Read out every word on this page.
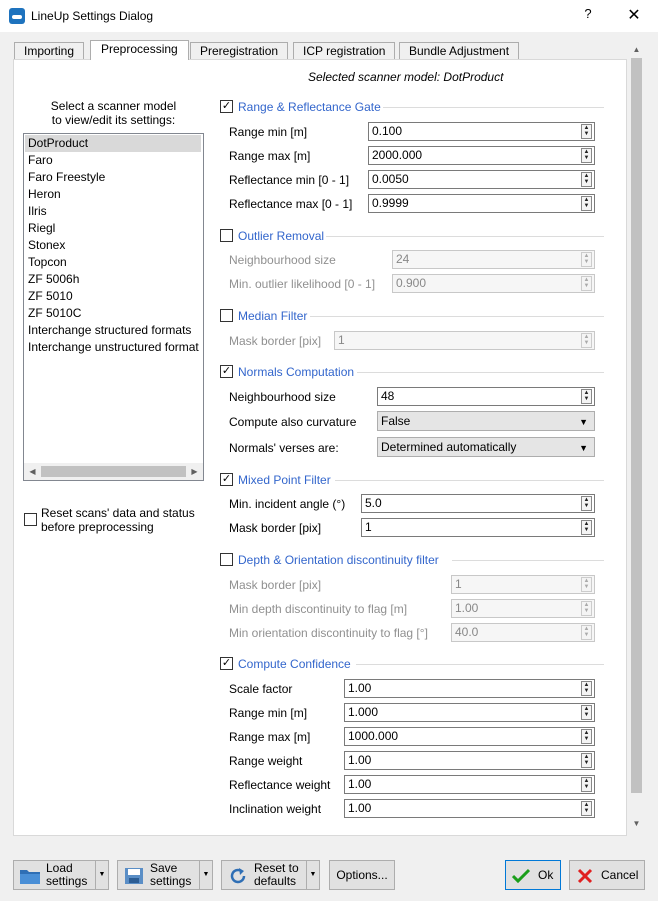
LineUp Settings Dialog	?	✕
Importing	Preprocessing	Preregistration	ICP registration	Bundle Adjustment	▲
▼
Selected scanner model: DotProduct
Select a scanner model
to view/edit its settings:
DotProduct
Faro
Faro Freestyle
Heron
Ilris
Riegl
Stonex
Topcon
ZF 5006h
ZF 5010
ZF 5010C
Interchange structured formats
Interchange unstructured format
◀	▶
Reset scans' data and status
before preprocessing
✓ Range & Reflectance Gate
Range min [m]	0.100	▲
▼
Range max [m]	2000.000	▲
▼
Reflectance min [0 - 1]	0.0050	▲
▼
Reflectance max [0 - 1]	0.9999	▲
▼
Outlier Removal
Neighbourhood size	24	▲
▼
Min. outlier likelihood [0 - 1]	0.900	▲
▼
Median Filter
Mask border [pix]	1	▲
▼
✓ Normals Computation
Neighbourhood size	48	▲
▼
Compute also curvature	False	▼
Normals' verses are:	Determined automatically	▼
✓ Mixed Point Filter
Min. incident angle (°)	5.0	▲
▼
Mask border [pix]	1	▲
▼
Depth & Orientation discontinuity filter
Mask border [pix]	1	▲
▼
Min depth discontinuity to flag [m]	1.00	▲
▼
Min orientation discontinuity to flag [°]	40.0	▲
▼
✓ Compute Confidence
Scale factor	1.00	▲
▼
Range min [m]	1.000	▲
▼
Range max [m]	1000.000	▲
▼
Range weight	1.00	▲
▼
Reflectance weight	1.00	▲
▼
Inclination weight	1.00	▲
▼
Load
settings	▼	Save
settings	▼	Reset to
defaults	▼	Options...	Ok	Cancel
